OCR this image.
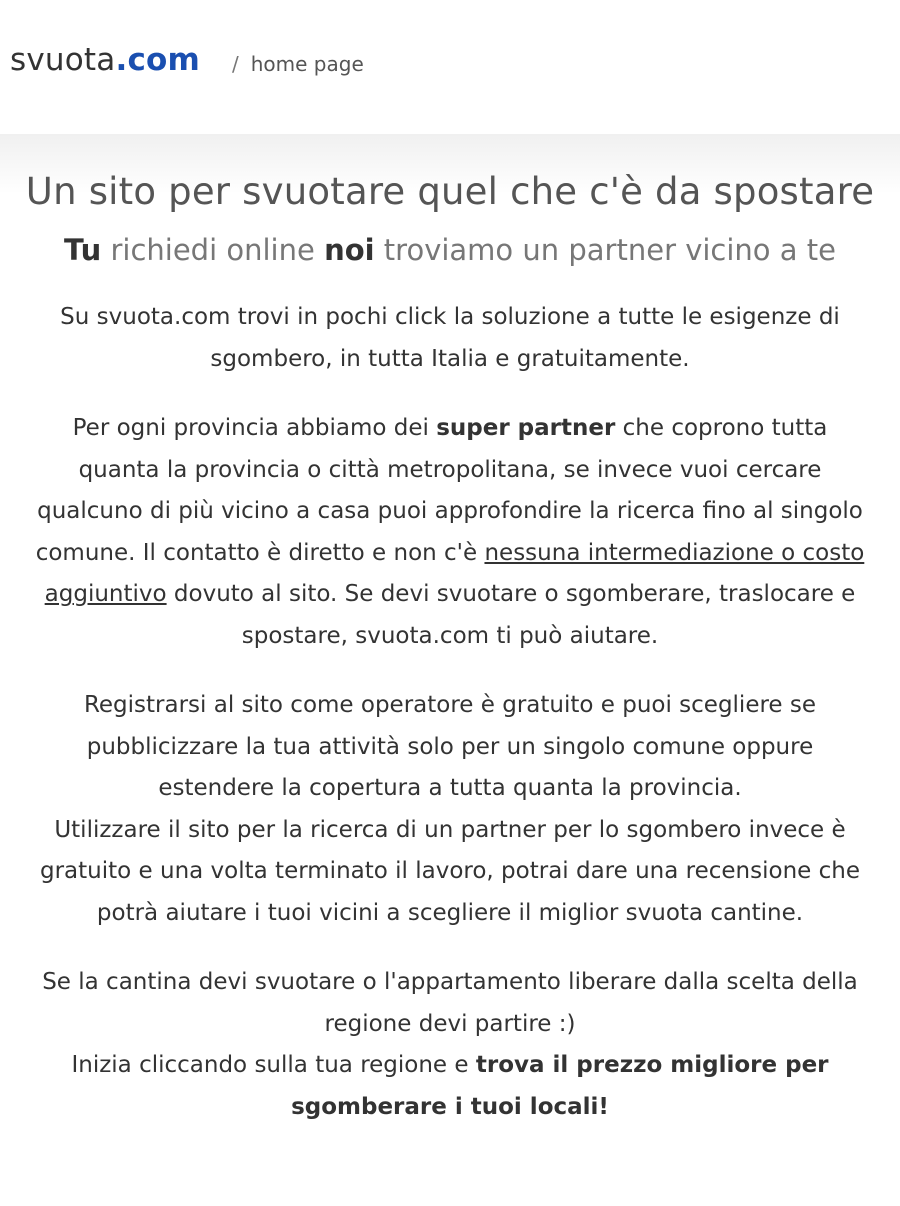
svuota.com / home page
Un sito per svuotare quel che c'è da spostare
Tu richiedi online noi troviamo un partner vicino a te

Su svuota.com trovi in pochi click la soluzione a tutte le esigenze di sgombero, in tutta Italia e gratuitamente.

Per ogni provincia abbiamo dei super partner che coprono tutta quanta la provincia o città metropolitana, se invece vuoi cercare qualcuno di più vicino a casa puoi approfondire la ricerca fino al singolo comune. Il contatto è diretto e non c'è nessuna intermediazione o costo aggiuntivo dovuto al sito. Se devi svuotare o sgomberare, traslocare e spostare, svuota.com ti può aiutare.

Registrarsi al sito come operatore è gratuito e puoi scegliere se pubblicizzare la tua attività solo per un singolo comune oppure estendere la copertura a tutta quanta la provincia.
Utilizzare il sito per la ricerca di un partner per lo sgombero invece è gratuito e una volta terminato il lavoro, potrai dare una recensione che potrà aiutare i tuoi vicini a scegliere il miglior svuota cantine.

Se la cantina devi svuotare o l'appartamento liberare dalla scelta della regione devi partire :)
Inizia cliccando sulla tua regione e trova il prezzo migliore per sgomberare i tuoi locali!
